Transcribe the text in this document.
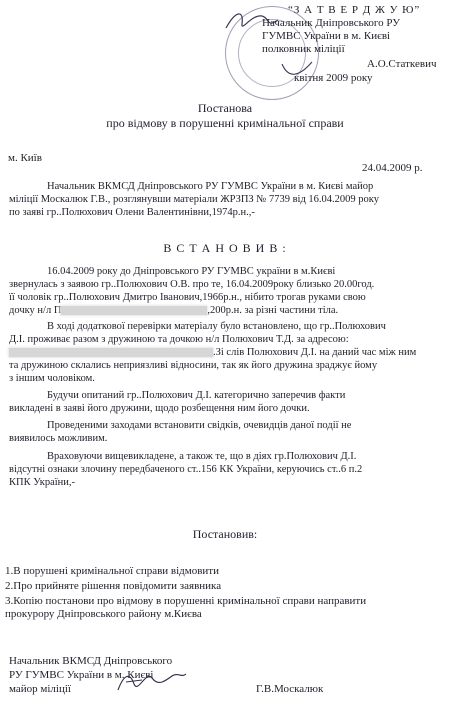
“З А Т В Е Р Д Ж У Ю”
Начальник Дніпровського РУ
ГУМВС України в м. Києві
полковник міліції
А.О.Статкевич
квітня 2009 року
Постанова
про відмову в порушенні кримінальної справи
м. Київ
24.04.2009 р.
Начальник ВКМСД Дніпровського РУ ГУМВС України в м. Києві майор
міліції Москалюк Г.В., розглянувши матеріали ЖРЗПЗ № 7739 від 16.04.2009 року
по заяві гр..Полюхович Олени Валентинівни,1974р.н.,-
В С Т А Н О В И В :
16.04.2009 року до Дніпровського РУ ГУМВС україни в м.Києві
звернулась з заявою гр..Полюхович О.В. про те, 16.04.2009року близько 20.00год.
її чоловік гр..Полюхович Дмитро Іванович,1966р.н., нібито трогав руками свою
дочку н/л П	,200р.н. за різні частини тіла.
В ході додаткової перевірки матеріалу було встановлено, що гр..Полюхович
Д.І. проживає разом з дружиною та дочкою н/л Полюхович Т.Д. за адресою:
.Зі слів Полюхович Д.І. на даний час між ним
та дружиною склались неприязливі відносини, так як його дружина зраджує йому
з іншим чоловіком.
Будучи опитаний гр..Полюхович Д.І. категорично заперечив факти
викладені в заяві його дружини, щодо розбещення ним його дочки.
Проведеними заходами встановити свідків, очевидців даної події не
виявилось можливим.
Враховуючи вищевикладене, а також те, що в діях гр.Полюхович Д.І.
відсутні ознаки злочину передбаченого ст..156 КК України, керуючись ст..6 п.2
КПК України,-
Постановив:
1.В порушені кримінальної справи відмовити
2.Про прийняте рішення повідомити заявника
3.Копію постанови про відмову в порушенні кримінальної справи направити
прокурору Дніпровського району м.Києва
Начальник ВКМСД Дніпровського
РУ ГУМВС України в м. Києві
майор міліції	Г.В.Москалюк
